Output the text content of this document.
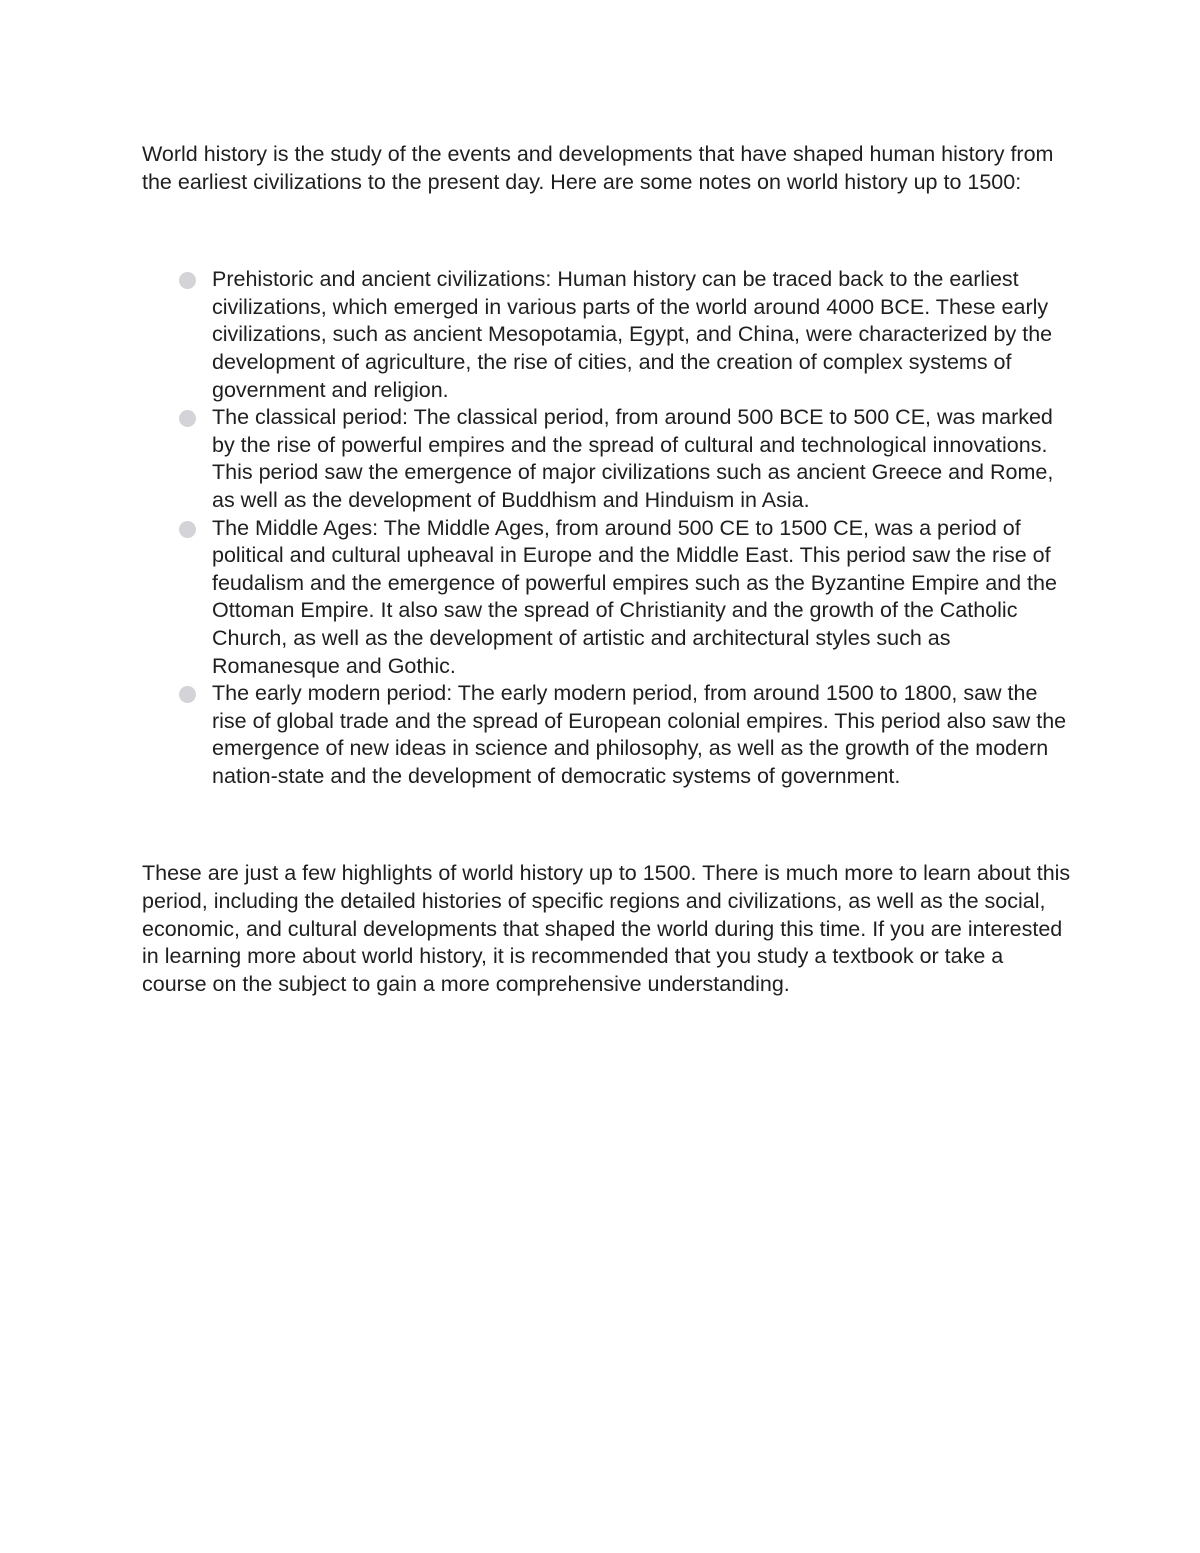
World history is the study of the events and developments that have shaped human history from the earliest civilizations to the present day. Here are some notes on world history up to 1500:

Prehistoric and ancient civilizations: Human history can be traced back to the earliest civilizations, which emerged in various parts of the world around 4000 BCE. These early civilizations, such as ancient Mesopotamia, Egypt, and China, were characterized by the development of agriculture, the rise of cities, and the creation of complex systems of government and religion.
The classical period: The classical period, from around 500 BCE to 500 CE, was marked by the rise of powerful empires and the spread of cultural and technological innovations. This period saw the emergence of major civilizations such as ancient Greece and Rome, as well as the development of Buddhism and Hinduism in Asia.
The Middle Ages: The Middle Ages, from around 500 CE to 1500 CE, was a period of political and cultural upheaval in Europe and the Middle East. This period saw the rise of feudalism and the emergence of powerful empires such as the Byzantine Empire and the Ottoman Empire. It also saw the spread of Christianity and the growth of the Catholic Church, as well as the development of artistic and architectural styles such as Romanesque and Gothic.
The early modern period: The early modern period, from around 1500 to 1800, saw the rise of global trade and the spread of European colonial empires. This period also saw the emergence of new ideas in science and philosophy, as well as the growth of the modern nation-state and the development of democratic systems of government.

These are just a few highlights of world history up to 1500. There is much more to learn about this period, including the detailed histories of specific regions and civilizations, as well as the social, economic, and cultural developments that shaped the world during this time. If you are interested in learning more about world history, it is recommended that you study a textbook or take a course on the subject to gain a more comprehensive understanding.
